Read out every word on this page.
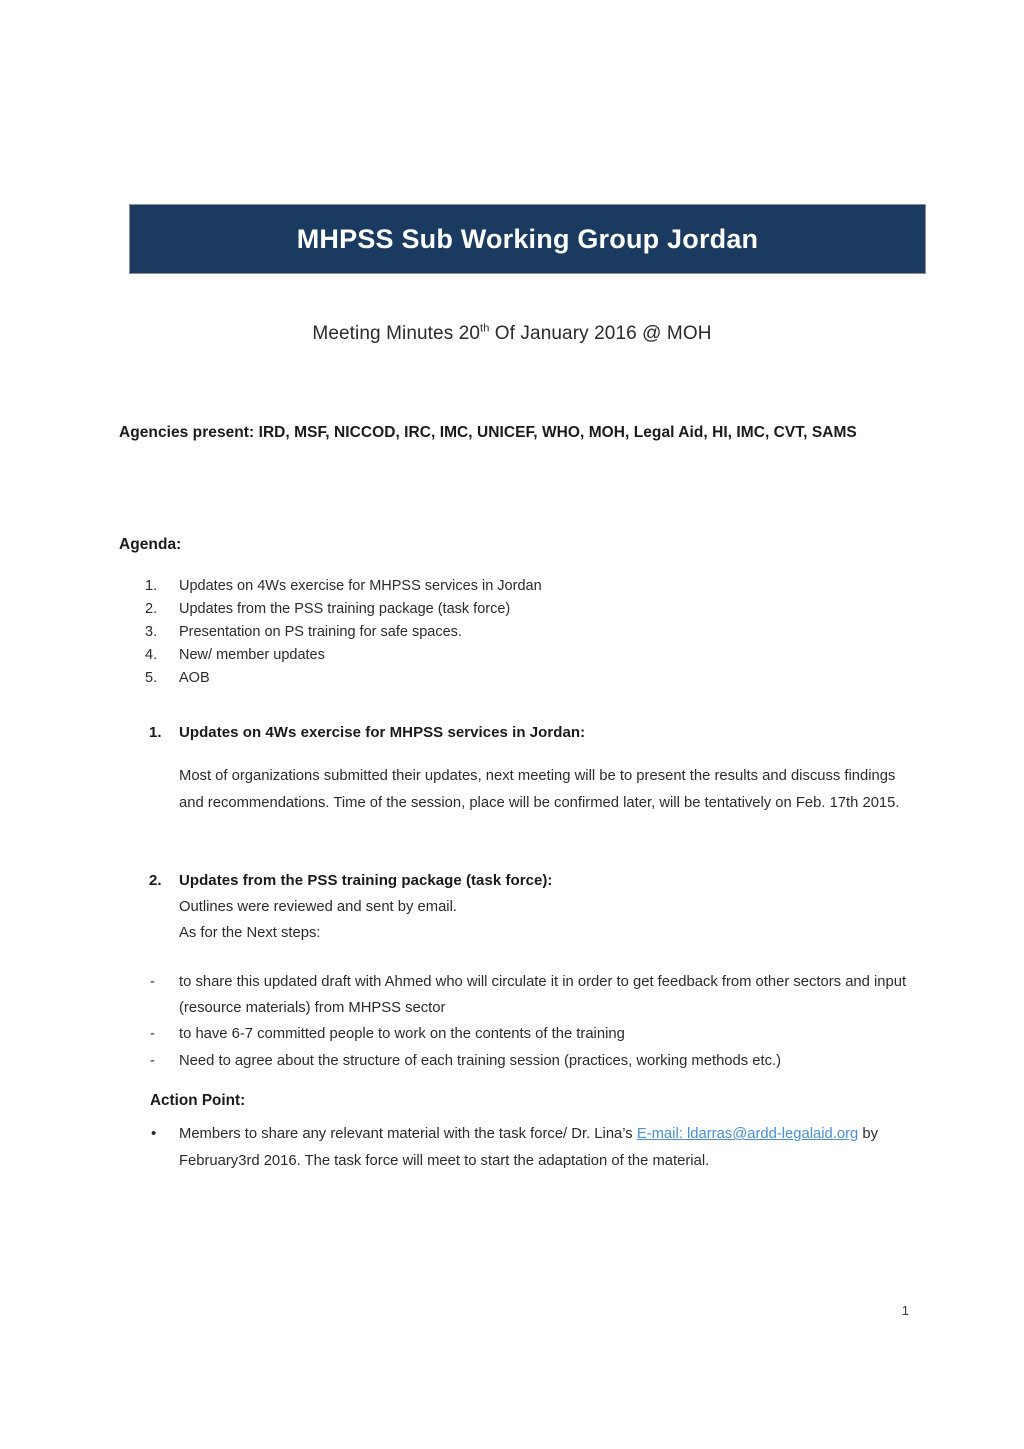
MHPSS Sub Working Group Jordan
Meeting Minutes 20th Of January 2016 @ MOH
Agencies present: IRD, MSF, NICCOD, IRC, IMC, UNICEF, WHO, MOH, Legal Aid, HI, IMC, CVT, SAMS
Agenda:
1. Updates on 4Ws exercise for MHPSS services in Jordan
2. Updates from the PSS training package (task force)
3. Presentation on PS training for safe spaces.
4. New/ member updates
5. AOB
1. Updates on 4Ws exercise for MHPSS services in Jordan:

Most of organizations submitted their updates, next meeting will be to present the results and discuss findings and recommendations. Time of the session, place will be confirmed later, will be tentatively on Feb. 17th 2015.

2. Updates from the PSS training package (task force):

Outlines were reviewed and sent by email.

As for the Next steps:

- to share this updated draft with Ahmed who will circulate it in order to get feedback from other sectors and input (resource materials) from MHPSS sector
- to have 6-7 committed people to work on the contents of the training
- Need to agree about the structure of each training session (practices, working methods etc.)
Action Point:
• Members to share any relevant material with the task force/ Dr. Lina’s E-mail: ldarras@ardd-legalaid.org by February3rd 2016. The task force will meet to start the adaptation of the material.
1
